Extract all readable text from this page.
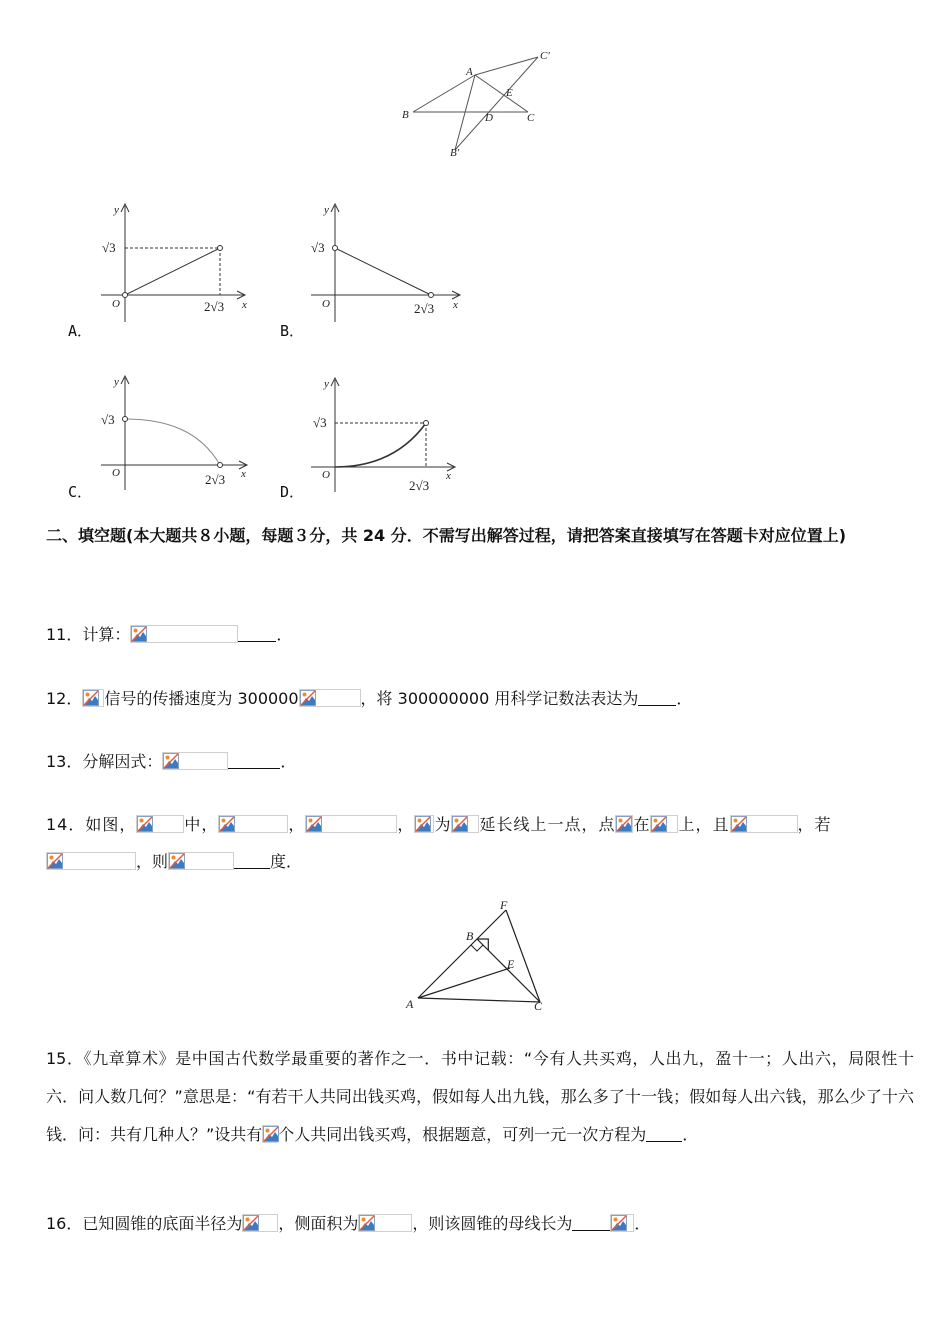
A
C′
E
B	D	C
B′
y
x
O
√3
2√3
A．
y
x
O
√3
2√3
B．
y
x
O
√3
2√3
C．
y
x
O
√3
2√3
D．
二、填空题(本大题共８小题，每题３分，共 24 分．不需写出解答过程，请把答案直接填写在答题卡对应位置上)
11．计算：	．
12． 信号的传播速度为 300000	，将 300000000 用科学记数法表达为 ．
13．分解因式：	．
14．如图，	中，	，	， 为 延长线上一点，点 在 上，且	，若
，则	度．
F
B
E
A	C
15．《九章算术》是中国古代数学最重要的著作之一．书中记载：“今有人共买鸡，人出九，盈十一；人出六，局限性十六．问人数几何？”意思是：“有若干人共同出钱买鸡，假如每人出九钱，那么多了十一钱；假如每人出六钱，那么少了十六钱．问：共有几种人？”设共有 个人共同出钱买鸡，根据题意，可列一元一次方程为 ．
16．已知圆锥的底面半径为 ，侧面积为	，则该圆锥的母线长为	．
